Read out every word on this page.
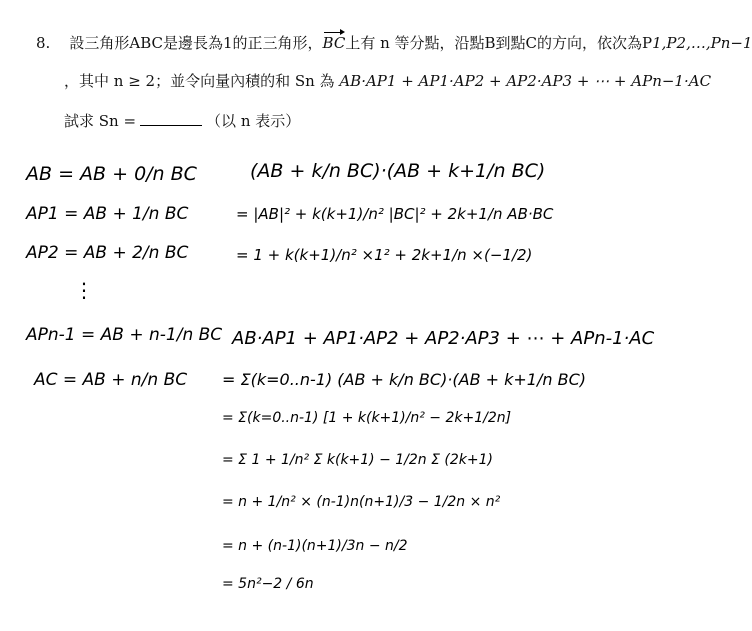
8. 設三角形ABC是邊長為1的正三角形，BC上有 n 等分點，沿點B到點C的方向，依次為P1,P2,…,Pn−1
，其中 n ≥ 2；並令向量內積的和 Sn 為 AB·AP1 + AP1·AP2 + AP2·AP3 + ⋯ + APn−1·AC
試求 Sn =	（以 n 表示）
AB = AB + 0/n BC
AP1 = AB + 1/n BC
AP2 = AB + 2/n BC
⋮
APn-1 = AB + n-1/n BC
AC = AB + n/n BC
(AB + k/n BC)·(AB + k+1/n BC)
= |AB|² + k(k+1)/n² |BC|² + 2k+1/n AB·BC
= 1 + k(k+1)/n² ×1² + 2k+1/n ×(−1/2)
AB·AP1 + AP1·AP2 + AP2·AP3 + ⋯ + APn-1·AC
= Σ(k=0..n-1) (AB + k/n BC)·(AB + k+1/n BC)
= Σ(k=0..n-1) [1 + k(k+1)/n² − 2k+1/2n]
= Σ 1 + 1/n² Σ k(k+1) − 1/2n Σ (2k+1)
= n + 1/n² × (n-1)n(n+1)/3 − 1/2n × n²
= n + (n-1)(n+1)/3n − n/2
= 5n²−2 / 6n
